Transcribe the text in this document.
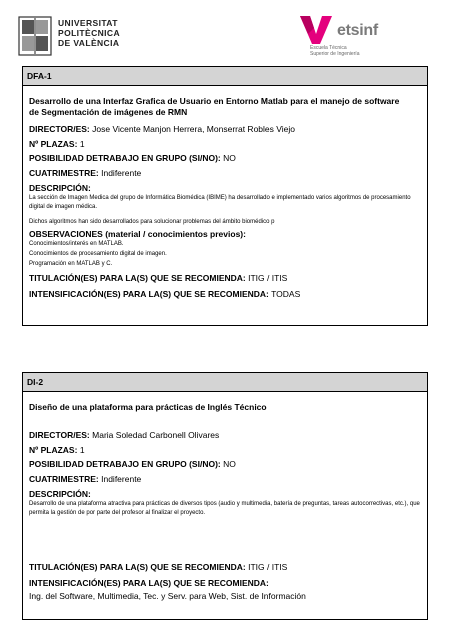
UNIVERSITAT
POLITÈCNICA
DE VALÈNCIA
etsinf
Escuela Técnica
Superior de Ingeniería
DFA-1
Desarrollo de una Interfaz Grafica de Usuario en Entorno Matlab para el manejo de software de Segmentación de imágenes de RMN
DIRECTOR/ES: Jose Vicente Manjon Herrera, Monserrat Robles Viejo
Nº PLAZAS: 1
POSIBILIDAD DETRABAJO EN GRUPO (SI/NO): NO
CUATRIMESTRE: Indiferente
DESCRIPCIÓN:
La sección de Imagen Medica del grupo de Informática Biomédica (IBIME) ha desarrollado e implementado varios algoritmos de procesamiento digital de imagen médica.
Dichos algoritmos han sido desarrollados para solucionar problemas del ámbito biomédico p
OBSERVACIONES (material / conocimientos previos):
Conocimientos/interés en MATLAB.
Conocimientos de procesamiento digital de imagen.
Programación en MATLAB y C.
TITULACIÓN(ES) PARA LA(S) QUE SE RECOMIENDA: ITIG / ITIS
INTENSIFICACIÓN(ES) PARA LA(S) QUE SE RECOMIENDA: TODAS
DI-2
Diseño de una plataforma para prácticas de Inglés Técnico
DIRECTOR/ES: Maria Soledad Carbonell Olivares
Nº PLAZAS: 1
POSIBILIDAD DETRABAJO EN GRUPO (SI/NO): NO
CUATRIMESTRE: Indiferente
DESCRIPCIÓN:
Desarrollo de una plataforma atractiva para prácticas de diversos tipos (audio y multimedia, batería de preguntas, tareas autocorrectivas, etc.), que permita la gestión de por parte del profesor al finalizar el proyecto.
TITULACIÓN(ES) PARA LA(S) QUE SE RECOMIENDA: ITIG / ITIS
INTENSIFICACIÓN(ES) PARA LA(S) QUE SE RECOMIENDA:
Ing. del Software, Multimedia, Tec. y Serv. para Web, Sist. de Información
